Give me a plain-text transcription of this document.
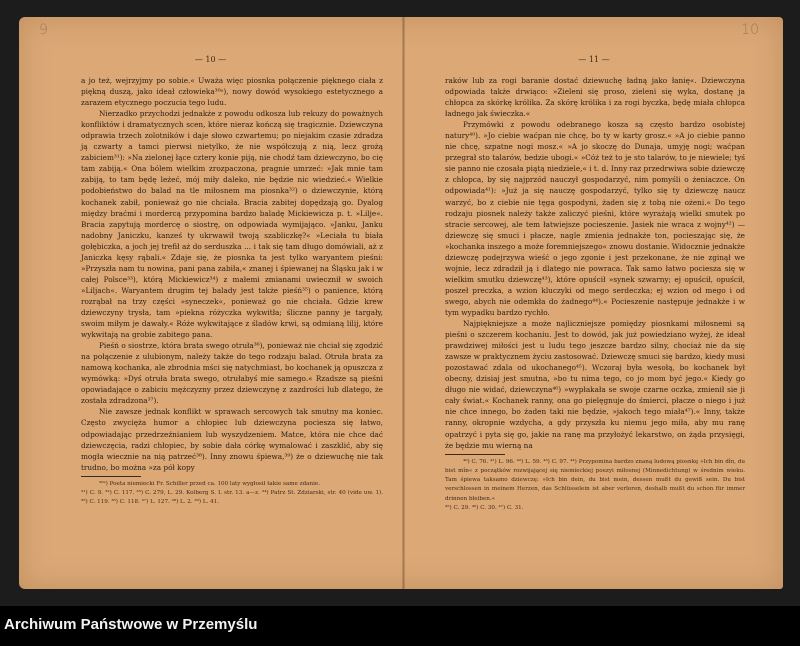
9
— 10 —

a jo też, wejrzyjmy po sobie.« Uważa więc piosnka połączenie pięknego ciała z piękną duszą, jako ideał człowieka³⁰ᵃ), nowy dowód wysokiego estetycznego a zarazem etycznego poczucia tego ludu.

Nierzadko przychodzi jednakże z powodu odkosza lub rekuzy do poważnych konfliktów i dramatycznych scen, które nieraz kończą się tragicznie. Dziewczyna odprawia trzech zolotników i daje słowo czwartemu; po niejakim czasie zdradza ją czwarty a tamci pierwsi nietylko, że nie współczują z nią, lecz grożą zabiciem³¹): »Na zielonej łące cztery konie piją, nie chodź tam dziewczyno, bo cię tam zabiją.« Ona bólem wielkim zrozpaczona, pragnie umrzeć: »Jak mnie tam zabiją, to tam będę leżeć, mój miły daleko, nie będzie nic wiedzieć.« Wielkie podobieństwo do balad na tle miłosnem ma piosnka³²) o dziewczynie, którą kochanek zabił, ponieważ go nie chciała. Bracia zabitej dopędzają go. Dyalog między braćmi i mordercą przypomina bardzo baladę Mickiewicza p. t. »Lilje«. Bracia zapytują mordercę o siostrę, on odpowiada wymijająco. »Janku, Janku nadobny Janiczku, kanześ ty ukrwawił twoją szabliczkę?« »Leciała tu biała gołębiczka, a joch jej trefił aż do serduszka ... i tak się tam długo domówiali, aż z Janiczka kęsy rąbali.« Zdaje się, że piosnka ta jest tylko waryantem pieśni: »Przyszła nam tu nowina, pani pana zabiła,« znanej i śpiewanej na Śląsku jak i w całej Polsce³³), którą Mickiewicz³⁴) z małemi zmianami uwiecznił w swoich »Liljach«. Waryantem drugim tej balady jest także pieśń³⁵) o panience, którą rozrąbał na trzy części »syneczek«, ponieważ go nie chciała. Gdzie krew dziewczyny trysła, tam »piekna różyczka wykwitła; śliczne panny je targały, swoim miłym je dawały.« Róże wykwitające z śladów krwi, są odmianą lilij, które wykwitają na grobie zabitego pana.

Pieśń o siostrze, która brata swego otruła³⁶), ponieważ nie chciał się zgodzić na połączenie z ulubionym, należy także do tego rodzaju balad. Otruła brata za namową kochanka, ale zbrodnia mści się natychmiast, bo kochanek ją opuszcza z wymówką: »Dyś otruła brata swego, otrułabyś mie samego.« Rzadsze są pieśni opowiadające o zabiciu mężczyzny przez dziewczynę z zazdrości lub dlatego, że została zdradzona³⁷).

Nie zawsze jednak konflikt w sprawach sercowych tak smutny ma koniec. Często zwycięża humor a chłopiec lub dziewczyna pociesza się łatwo, odpowiadając przedrzeźnianiem lub wyszydzeniem. Matce, która nie chce dać dziewczęcia, radzi chłopiec, by sobie dała córkę wymalować i zaszklić, aby się mogła wiecznie na nią patrzeć³⁸). Inny znowu śpiewa,³⁹) że o dziewuchę nie tak trudno, bo można »za pół kopy

³⁰ᵃ) Poeta niemiecki Fr. Schiller przed ca. 100 laty wygłosił takie same zdanie.

³¹) C. 9. ³²) C. 117. ³³) C. 279, L. 29. Kolberg S. I. str. 13. a—z. ³⁴) Patrz St. Zdziarski, str. 40 (vide uw. 1). ³⁵) C. 119. ³⁶) C. 118. ³⁷) L. 127. ³⁸) L. 2. ³⁹) L. 41.

10
— 11 —

raków lub za rogi baranie dostać dziewuchę ładną jako łanię«. Dziewczyna odpowiada także drwiąco: »Zieleni się proso, zieleni się wyka, dostanę ja chłopca za skórkę królika. Za skórę królika i za rogi byczka, będę miała chłopca ładnego jak świeczka.«

Przymówki z powodu odebranego kosza są często bardzo osobistej natury⁴⁰). »Jo ciebie waćpan nie chcę, bo ty w karty grosz.« »A jo ciebie panno nie chcę, szpatne nogi mosz.« »A jo skoczę do Dunaja, umyję nogi; waćpan przegrał sto talarów, bedzie ubogi.« »Cóż też to je sto talarów, to je niewiele; tyś sie panno nie czosała piątą niedziele,« i t. d. Inny raz przedrwiwa sobie dziewczę z chłopca, by się najprzód nauczył gospodarzyć, nim pomyśli o żeniaczce. On odpowiada⁴¹): »Już ja się nauczę gospodarzyć, tylko się ty dziewczę naucz warzyć, bo z ciebie nie tęga gospodyni, żaden się z tobą nie ożeni.« Do tego rodzaju piosnek należy także zaliczyć pieśni, które wyrażają wielki smutek po stracie sercowej, ale tem łatwiejsze pocieszenie. Jasiek nie wraca z wojny⁴²) — dziewczę się smuci i płacze, nagle zmienia jednakże ton, pocieszając się, że »kochanka inszego a może foremniejszego« znowu dostanie. Widocznie jednakże dziewczę podejrzywa wieść o jego zgonie i jest przekonane, że nie zginął we wojnie, lecz zdradził ją i dlatego nie powraca. Tak samo łatwo pociesza się w wielkim smutku dziewczę⁴³), które opuścił »synek szwarny; ej opuścił, opuścił, poszeł preczka, a wzion kluczyki od mego serdeczka; ej wzion od mego i od swego, abych nie odemkła do żadnego⁴⁴).« Pocieszenie następuje jednakże i w tym wypadku bardzo rychło.

Najpiękniejsze a może najliczniejsze pomiędzy piosnkami miłosnemi są pieśni o szczerem kochaniu. Jest to dowód, jak już powiedziano wyżej, że ideał prawdziwej miłości jest u ludu tego jeszcze bardzo silny, chociaż nie da się zawsze w praktycznem życiu zastosować. Dziewczę smuci się bardzo, kiedy musi pozostawać zdala od ukochanego⁴⁵). Wczoraj była wesołą, bo kochanek był obecny, dzisiaj jest smutna, »bo tu nima tego, co jo mom być jego.« Kiedy go długo nie widać, dziewczyna⁴⁶) »wypłakała se swoje czarne oczka, zmienił sie ji cały świat.« Kochanek ranny, ona go pielęgnuje do śmierci, płacze o niego i już nie chce innego, bo żaden taki nie będzie, »jakoch tego miała⁴⁷).« Inny, także ranny, okropnie wzdycha, a gdy przyszła ku niemu jego miła, aby mu ranę opatrzyć i pyta się go, jakie na ranę ma przyłożyć lekarstwo, on żąda przysięgi, że będzie mu wierną na

⁴⁰) C. 76. ⁴¹) L. 96. ⁴²) L. 59. ⁴³) C. 97. ⁴⁴) Przypomina bardzo znaną ludową piosnkę »Ich bin dîn, du bist mîn« z początków rozwijającej się niemieckiej poezyi miłosnej (Minnedichtung) w średnim wieku. Tam śpiewa taksamo dziewczę: »Ich bin dein, du bist mein, dessen mußt du gewiß sein. Du bist verschlossen in meinem Herzen, das Schlüsselein ist aber verloren, deshalb mußt du schon für immer drinnen bleiben.«

⁴⁵) C. 29. ⁴⁶) C. 30. ⁴⁷) C. 31.

Archiwum Państwowe w Przemyślu
